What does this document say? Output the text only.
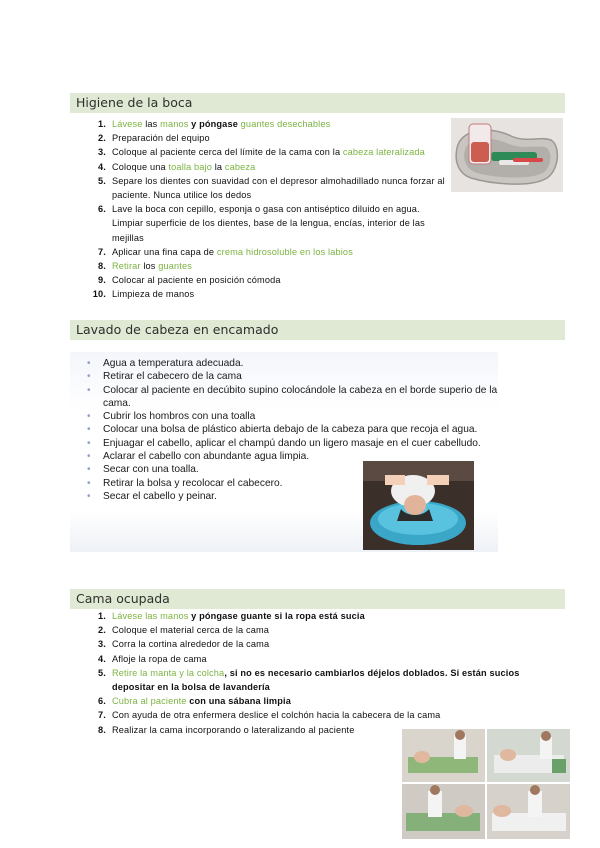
Higiene de la boca
1. Lávese las manos y póngase guantes desechables
2. Preparación del equipo
3. Coloque al paciente cerca del límite de la cama con la cabeza lateralizada
4. Coloque una toalla bajo la cabeza
5. Separe los dientes con suavidad con el depresor almohadillado nunca forzar al paciente. Nunca utilice los dedos
6. Lave la boca con cepillo, esponja o gasa con antiséptico diluido en agua. Limpiar superficie de los dientes, base de la lengua, encías, interior de las mejillas
7. Aplicar una fina capa de crema hidrosoluble en los labios
8. Retirar los guantes
9. Colocar al paciente en posición cómoda
10. Limpieza de manos
Lavado de cabeza en encamado
• Agua a temperatura adecuada.
• Retirar el cabecero de la cama
• Colocar al paciente en decúbito supino colocándole la cabeza en el borde superio de la cama.
• Cubrir los hombros con una toalla
• Colocar una bolsa de plástico abierta debajo de la cabeza para que recoja el agua.
• Enjuagar el cabello, aplicar el champú dando un ligero masaje en el cuer cabelludo.
• Aclarar el cabello con abundante agua limpia.
• Secar con una toalla.
• Retirar la bolsa y recolocar el cabecero.
• Secar el cabello y peinar.
Cama ocupada
1. Lávese las manos y póngase guante si la ropa está sucia
2. Coloque el material cerca de la cama
3. Corra la cortina alrededor de la cama
4. Afloje la ropa de cama
5. Retire la manta y la colcha, si no es necesario cambiarlos déjelos doblados. Si están sucios depositar en la bolsa de lavandería
6. Cubra al paciente con una sábana limpia
7. Con ayuda de otra enfermera deslice el colchón hacia la cabecera de la cama
8. Realizar la cama incorporando o lateralizando al paciente
